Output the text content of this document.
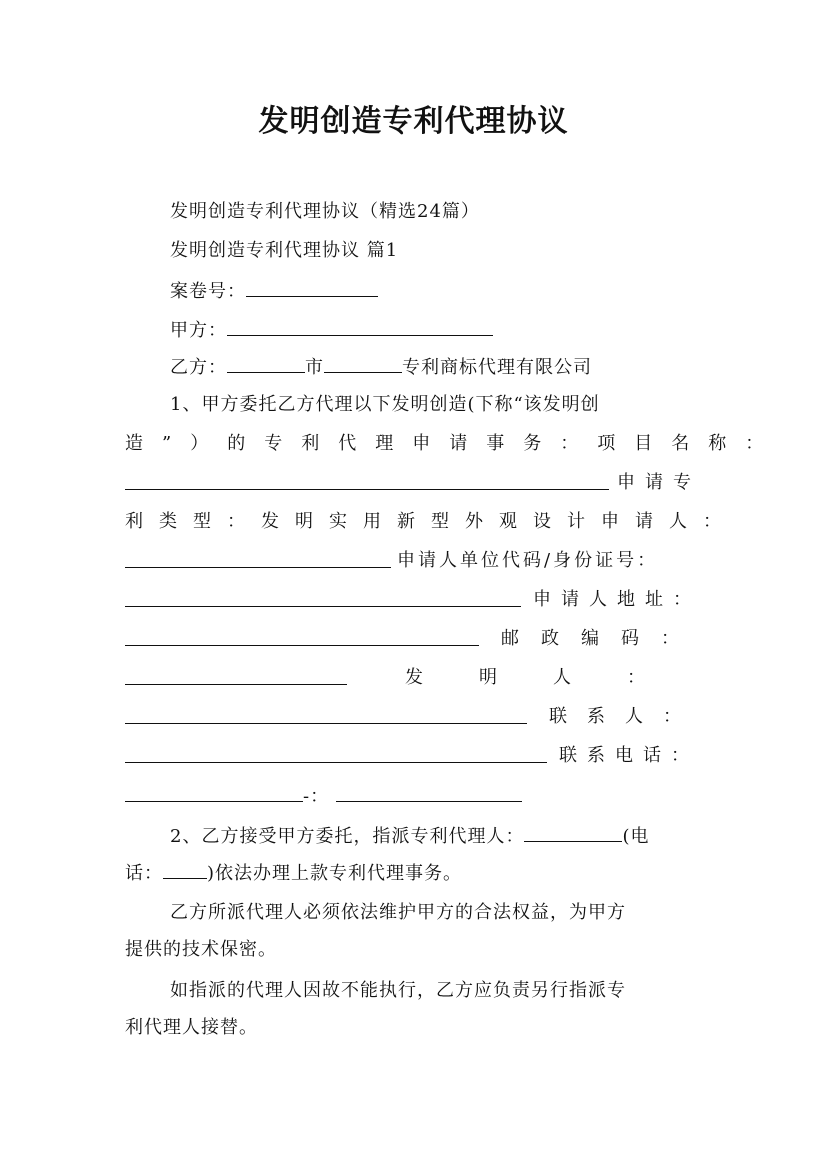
发明创造专利代理协议
发明创造专利代理协议（精选24篇）
发明创造专利代理协议 篇1
案卷号：
甲方：
乙方：	市	专利商标代理有限公司
1、甲方委托乙方代理以下发明创造(下称“该发明创
造”）的专利代理申请事务：项目名称：
申请专
利类型：发明实用新型外观设计申请人：
申请人单位代码/身份证号：
申请人地址：
邮政编码：
发明人：
联系人：
联系电话：
-：
2、乙方接受甲方委托，指派专利代理人：	(电
话： )依法办理上款专利代理事务。
乙方所派代理人必须依法维护甲方的合法权益，为甲方
提供的技术保密。
如指派的代理人因故不能执行，乙方应负责另行指派专
利代理人接替。
